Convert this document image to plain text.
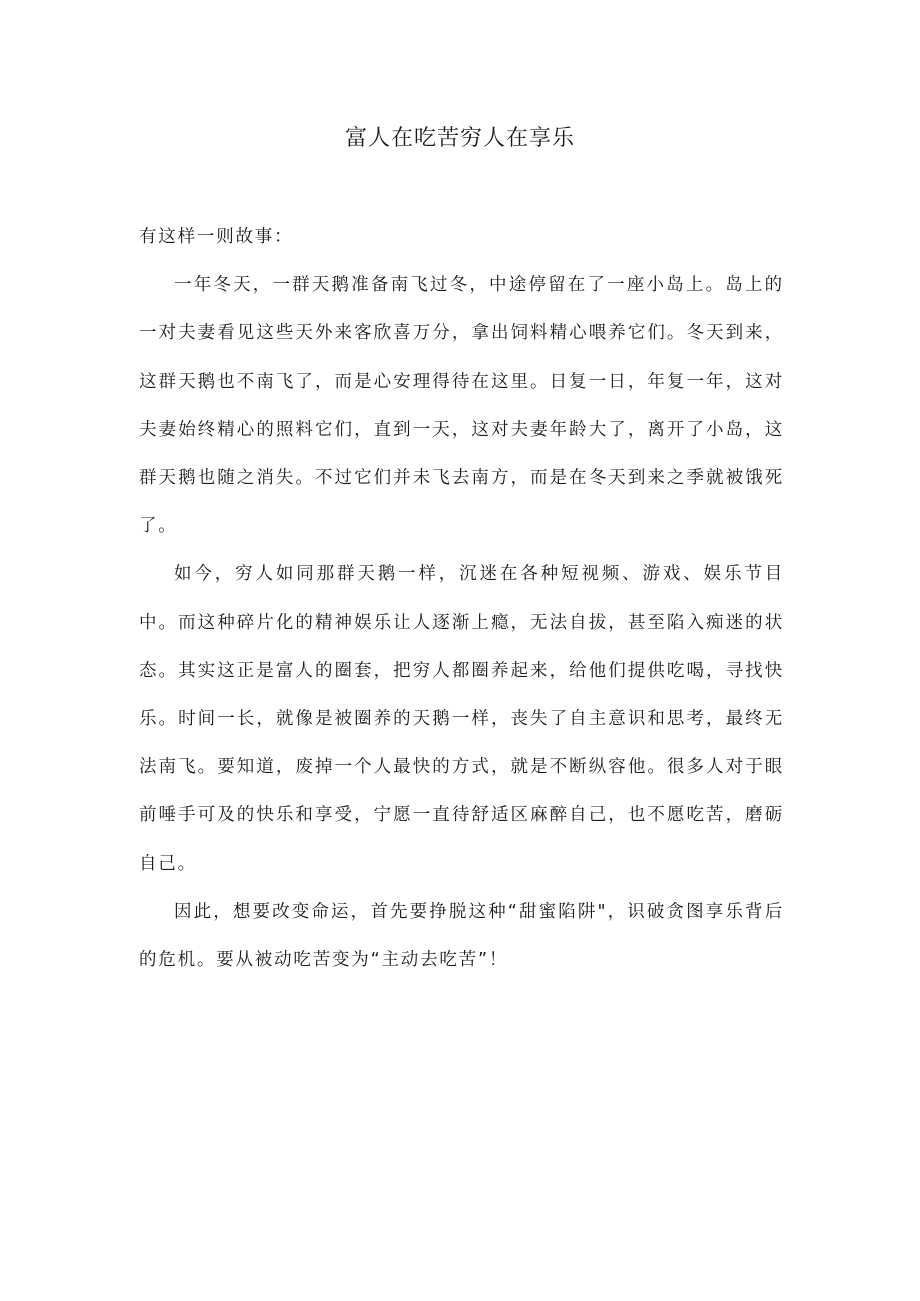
富人在吃苦穷人在享乐

有这样一则故事：

一年冬天，一群天鹅准备南飞过冬，中途停留在了一座小岛上。岛上的一对夫妻看见这些天外来客欣喜万分，拿出饲料精心喂养它们。冬天到来，这群天鹅也不南飞了，而是心安理得待在这里。日复一日，年复一年，这对夫妻始终精心的照料它们，直到一天，这对夫妻年龄大了，离开了小岛，这群天鹅也随之消失。不过它们并未飞去南方，而是在冬天到来之季就被饿死了。

如今，穷人如同那群天鹅一样，沉迷在各种短视频、游戏、娱乐节目中。而这种碎片化的精神娱乐让人逐渐上瘾，无法自拔，甚至陷入痴迷的状态。其实这正是富人的圈套，把穷人都圈养起来，给他们提供吃喝，寻找快乐。时间一长，就像是被圈养的天鹅一样，丧失了自主意识和思考，最终无法南飞。要知道，废掉一个人最快的方式，就是不断纵容他。很多人对于眼前唾手可及的快乐和享受，宁愿一直待舒适区麻醉自己，也不愿吃苦，磨砺自己。

因此，想要改变命运，首先要挣脱这种“甜蜜陷阱"，识破贪图享乐背后的危机。要从被动吃苦变为“主动去吃苦”！
